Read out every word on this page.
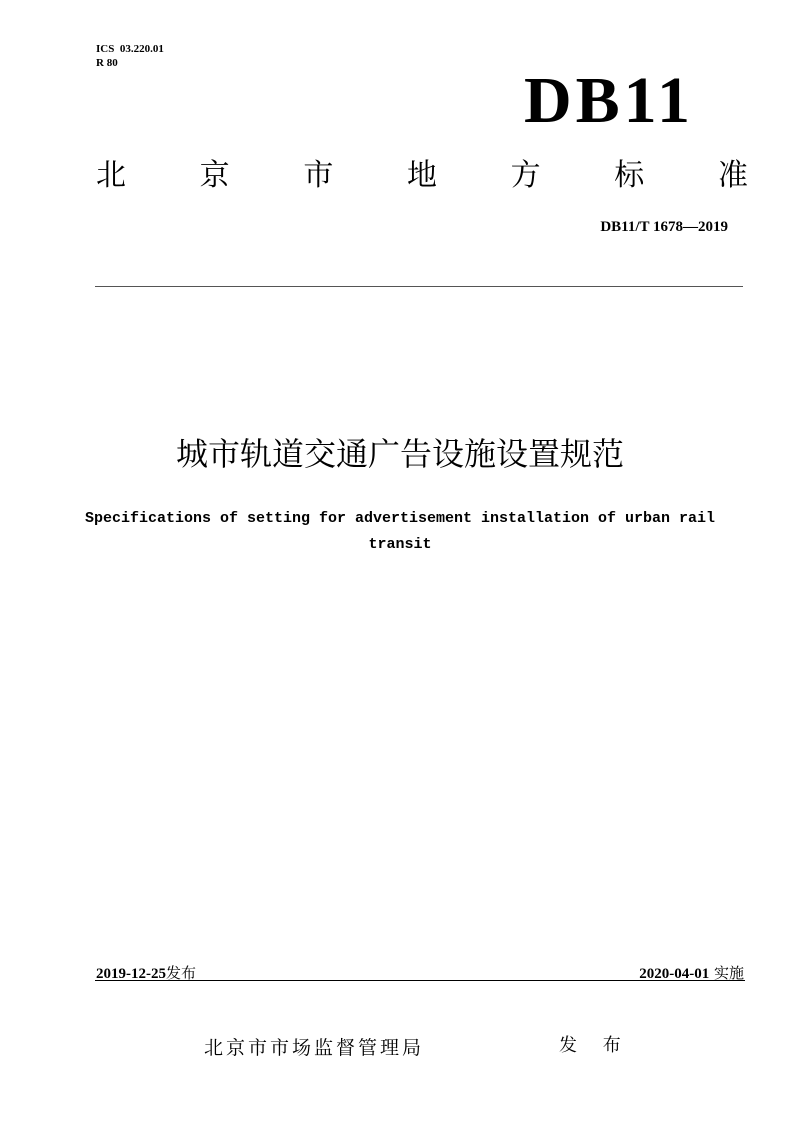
ICS  03.220.01
R 80
DB11
北 京 市 地 方 标 准
DB11/T 1678—2019
城市轨道交通广告设施设置规范
Specifications of setting for advertisement installation of urban rail
transit
2019-12-25发布	2020-04-01 实施
北京市市场监督管理局	发 布
